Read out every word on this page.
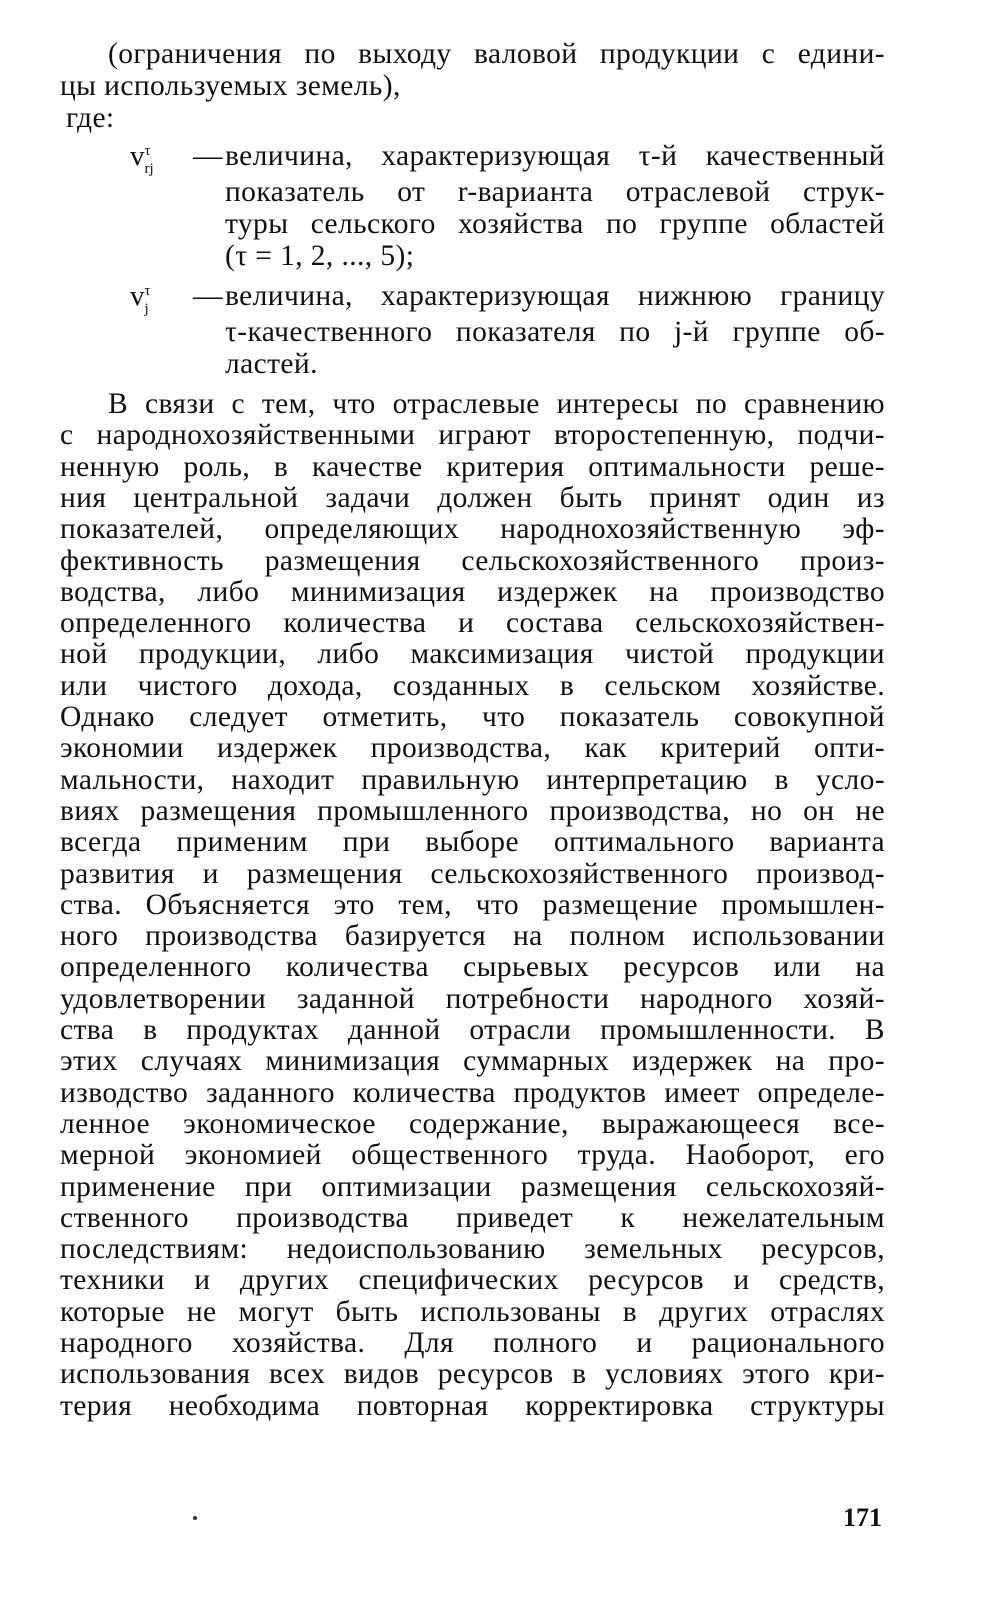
(ограничения по выходу валовой продукции с едини-
цы используемых земель),
где:
$v^\tau_{rj}$ — величина, характеризующая τ-й качественный
показатель от r-варианта отраслевой струк-
туры сельского хозяйства по группе областей
(τ = 1, 2, ..., 5);
$v^\tau_j$ — величина, характеризующая нижнюю границу
τ-качественного показателя по j-й группе об-
ластей.
В связи с тем, что отраслевые интересы по сравнению
с народнохозяйственными играют второстепенную, подчи-
ненную роль, в качестве критерия оптимальности реше-
ния центральной задачи должен быть принят один из
показателей, определяющих народнохозяйственную эф-
фективность размещения сельскохозяйственного произ-
водства, либо минимизация издержек на производство
определенного количества и состава сельскохозяйствен-
ной продукции, либо максимизация чистой продукции
или чистого дохода, созданных в сельском хозяйстве.
Однако следует отметить, что показатель совокупной
экономии издержек производства, как критерий опти-
мальности, находит правильную интерпретацию в усло-
виях размещения промышленного производства, но он не
всегда применим при выборе оптимального варианта
развития и размещения сельскохозяйственного производ-
ства. Объясняется это тем, что размещение промышлен-
ного производства базируется на полном использовании
определенного количества сырьевых ресурсов или на
удовлетворении заданной потребности народного хозяй-
ства в продуктах данной отрасли промышленности. В
этих случаях минимизация суммарных издержек на про-
изводство заданного количества продуктов имеет определе-
ленное экономическое содержание, выражающееся все-
мерной экономией общественного труда. Наоборот, его
применение при оптимизации размещения сельскохозяй-
ственного производства приведет к нежелательным
последствиям: недоиспользованию земельных ресурсов,
техники и других специфических ресурсов и средств,
которые не могут быть использованы в других отраслях
народного хозяйства. Для полного и рационального
использования всех видов ресурсов в условиях этого кри-
терия необходима повторная корректировка структуры
171
